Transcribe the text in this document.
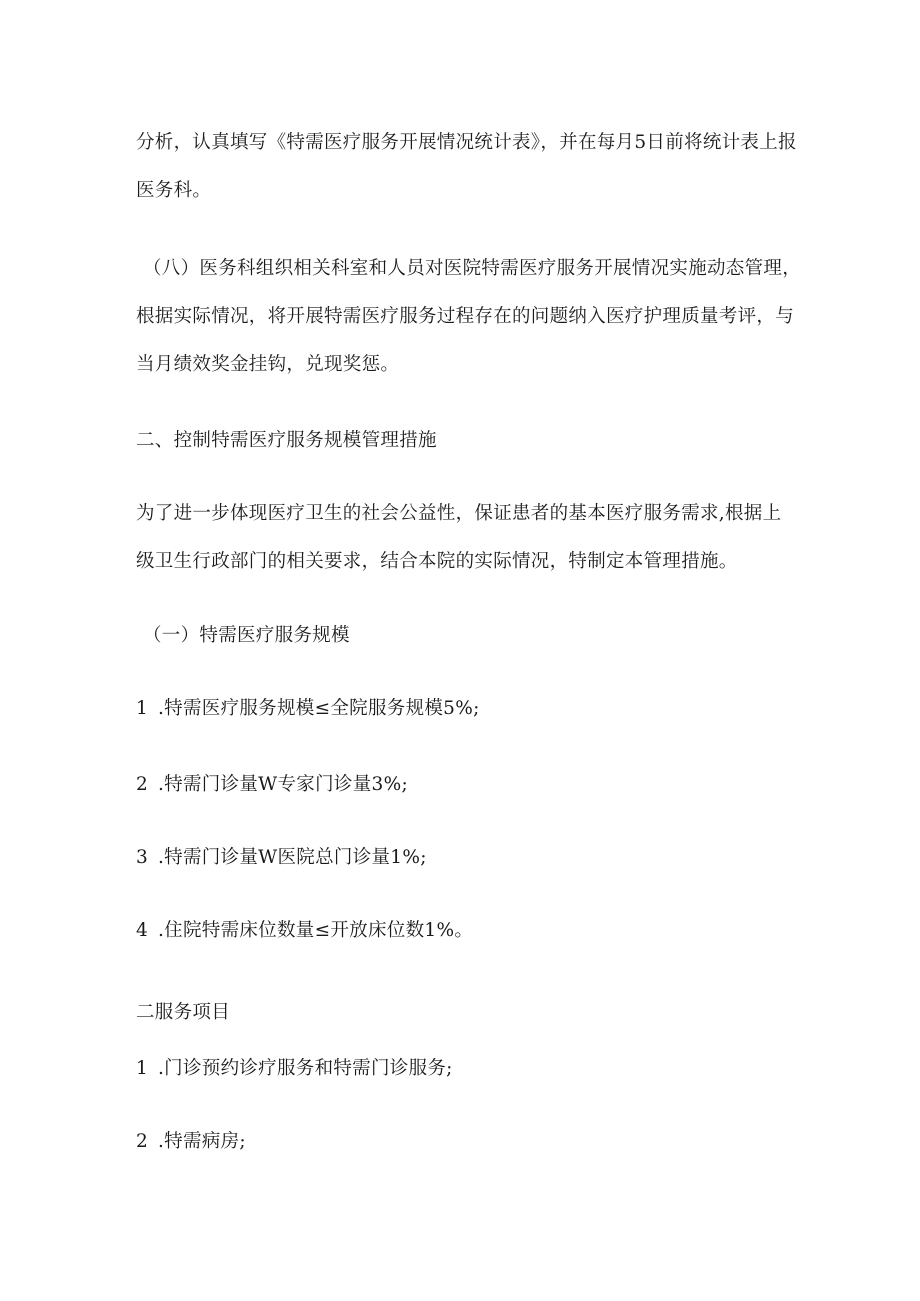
分析，认真填写《特需医疗服务开展情况统计表》，并在每月5日前将统计表上报
医务科。
（八）医务科组织相关科室和人员对医院特需医疗服务开展情况实施动态管理，
根据实际情况，将开展特需医疗服务过程存在的问题纳入医疗护理质量考评，与
当月绩效奖金挂钩，兑现奖惩。
二、控制特需医疗服务规模管理措施
为了进一步体现医疗卫生的社会公益性，保证患者的基本医疗服务需求,根据上
级卫生行政部门的相关要求，结合本院的实际情况，特制定本管理措施。
（一）特需医疗服务规模
1 .特需医疗服务规模≤全院服务规模5%;
2 .特需门诊量W专家门诊量3%;
3 .特需门诊量W医院总门诊量1%;
4 .住院特需床位数量≤开放床位数1%。
二服务项目
1 .门诊预约诊疗服务和特需门诊服务;
2 .特需病房;
